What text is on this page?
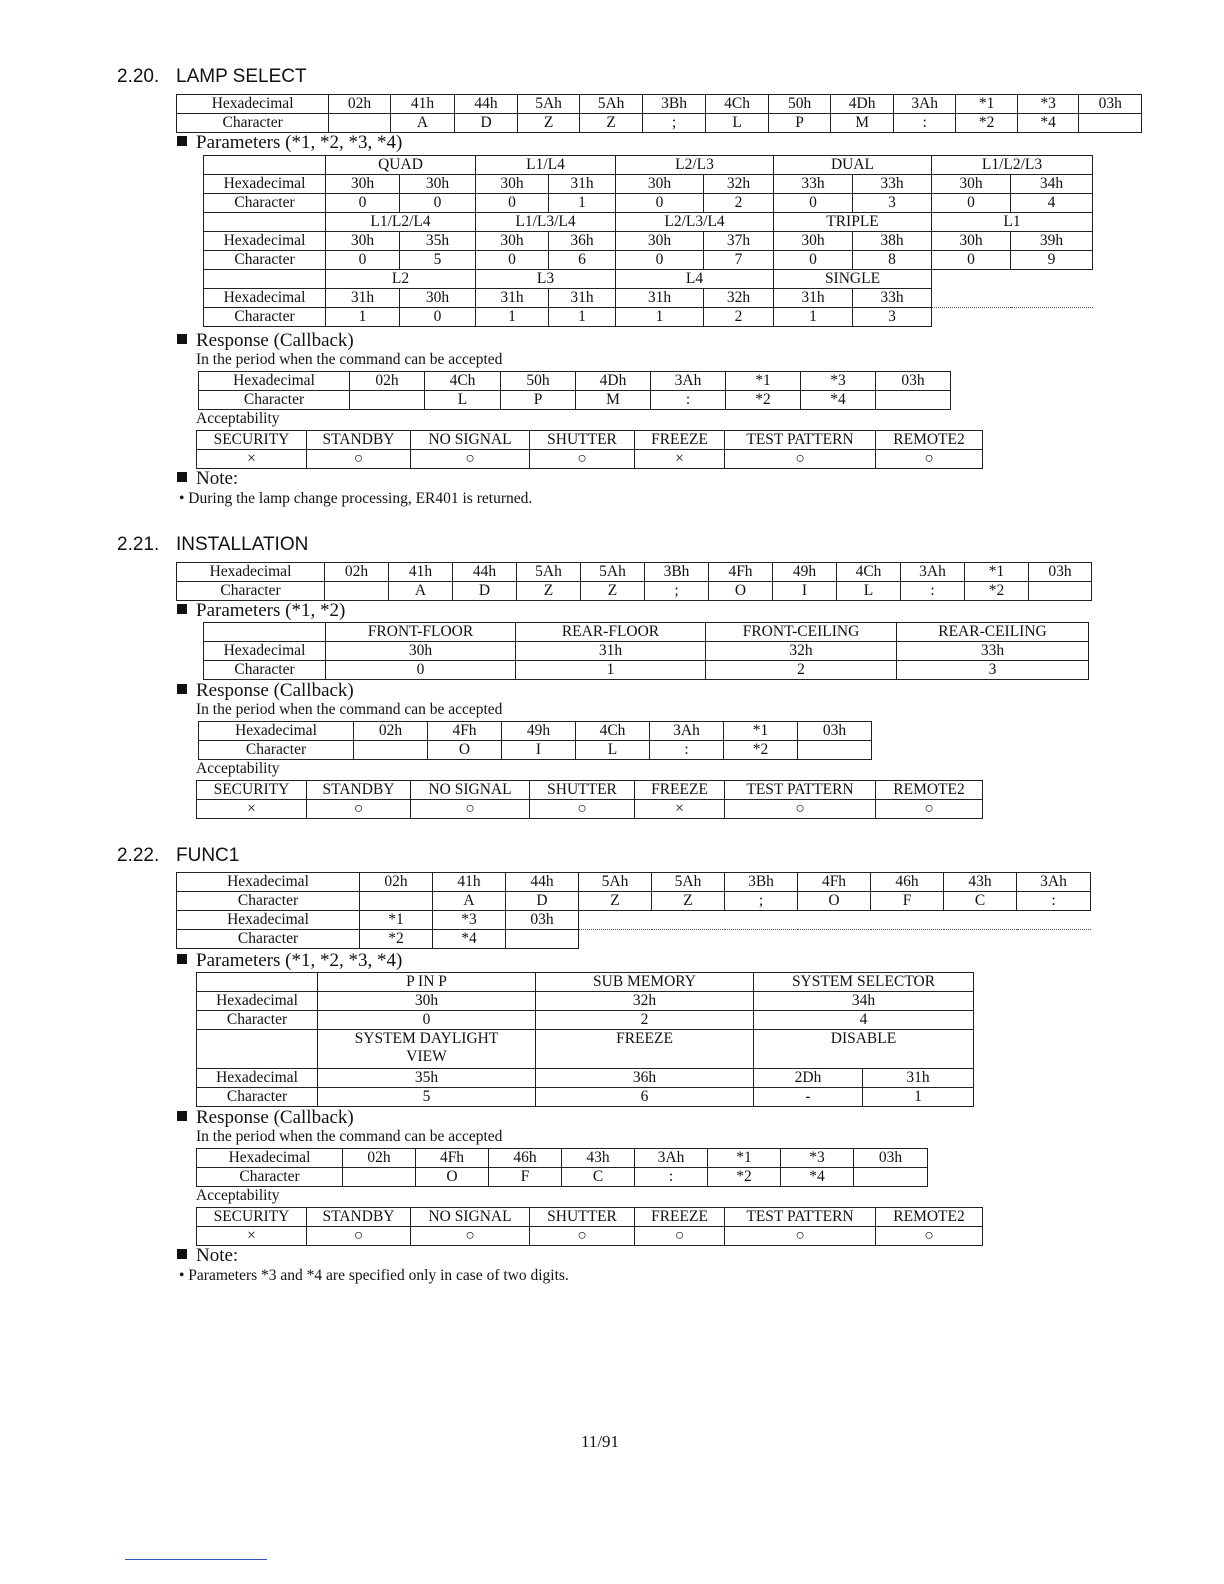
2.20. LAMP SELECT
Hexadecimal	02h	41h	44h	5Ah	5Ah	3Bh	4Ch	50h	4Dh	3Ah	*1	*3	03h
Character		A	D	Z	Z	;	L	P	M	:	*2	*4	
Parameters (*1, *2, *3, *4)
	QUAD		L1/L4		L2/L3		DUAL		L1/L2/L3	
Hexadecimal	30h	30h	30h	31h	30h	32h	33h	33h	30h	34h
Character	0	0	0	1	0	2	0	3	0	4
	L1/L2/L4		L1/L3/L4		L2/L3/L4		TRIPLE		L1	
Hexadecimal	30h	35h	30h	36h	30h	37h	30h	38h	30h	39h
Character	0	5	0	6	0	7	0	8	0	9
	L2		L3		L4		SINGLE			
Hexadecimal	31h	30h	31h	31h	31h	32h	31h	33h		
Character	1	0	1	1	1	2	1	3		
Response (Callback)
In the period when the command can be accepted
Hexadecimal	02h	4Ch	50h	4Dh	3Ah	*1	*3	03h
Character		L	P	M	:	*2	*4	
Acceptability
SECURITY	STANDBY	NO SIGNAL	SHUTTER	FREEZE	TEST PATTERN	REMOTE2
×	○	○	○	×	○	○
Note:
• During the lamp change processing, ER401 is returned.
2.21. INSTALLATION
Hexadecimal	02h	41h	44h	5Ah	5Ah	3Bh	4Fh	49h	4Ch	3Ah	*1	03h
Character		A	D	Z	Z	;	O	I	L	:	*2	
Parameters (*1, *2)
	FRONT-FLOOR	REAR-FLOOR	FRONT-CEILING	REAR-CEILING
Hexadecimal	30h	31h	32h	33h
Character	0	1	2	3
Response (Callback)
In the period when the command can be accepted
Hexadecimal	02h	4Fh	49h	4Ch	3Ah	*1	03h
Character		O	I	L	:	*2	
Acceptability
SECURITY	STANDBY	NO SIGNAL	SHUTTER	FREEZE	TEST PATTERN	REMOTE2
×	○	○	○	×	○	○
2.22. FUNC1
Hexadecimal	02h	41h	44h	5Ah	5Ah	3Bh	4Fh	46h	43h	3Ah
Character		A	D	Z	Z	;	O	F	C	:
Hexadecimal	*1	*3	03h							
Character	*2	*4								
Parameters (*1, *2, *3, *4)
	P IN P	SUB MEMORY	SYSTEM SELECTOR	
Hexadecimal	30h	32h	34h	
Character	0	2	4	
	SYSTEM DAYLIGHT VIEW	FREEZE	DISABLE	
Hexadecimal	35h	36h	2Dh	31h
Character	5	6	-	1
Response (Callback)
In the period when the command can be accepted
Hexadecimal	02h	4Fh	46h	43h	3Ah	*1	*3	03h
Character		O	F	C	:	*2	*4	
Acceptability
SECURITY	STANDBY	NO SIGNAL	SHUTTER	FREEZE	TEST PATTERN	REMOTE2
×	○	○	○	○	○	○
Note:
• Parameters *3 and *4 are specified only in case of two digits.
11/91
